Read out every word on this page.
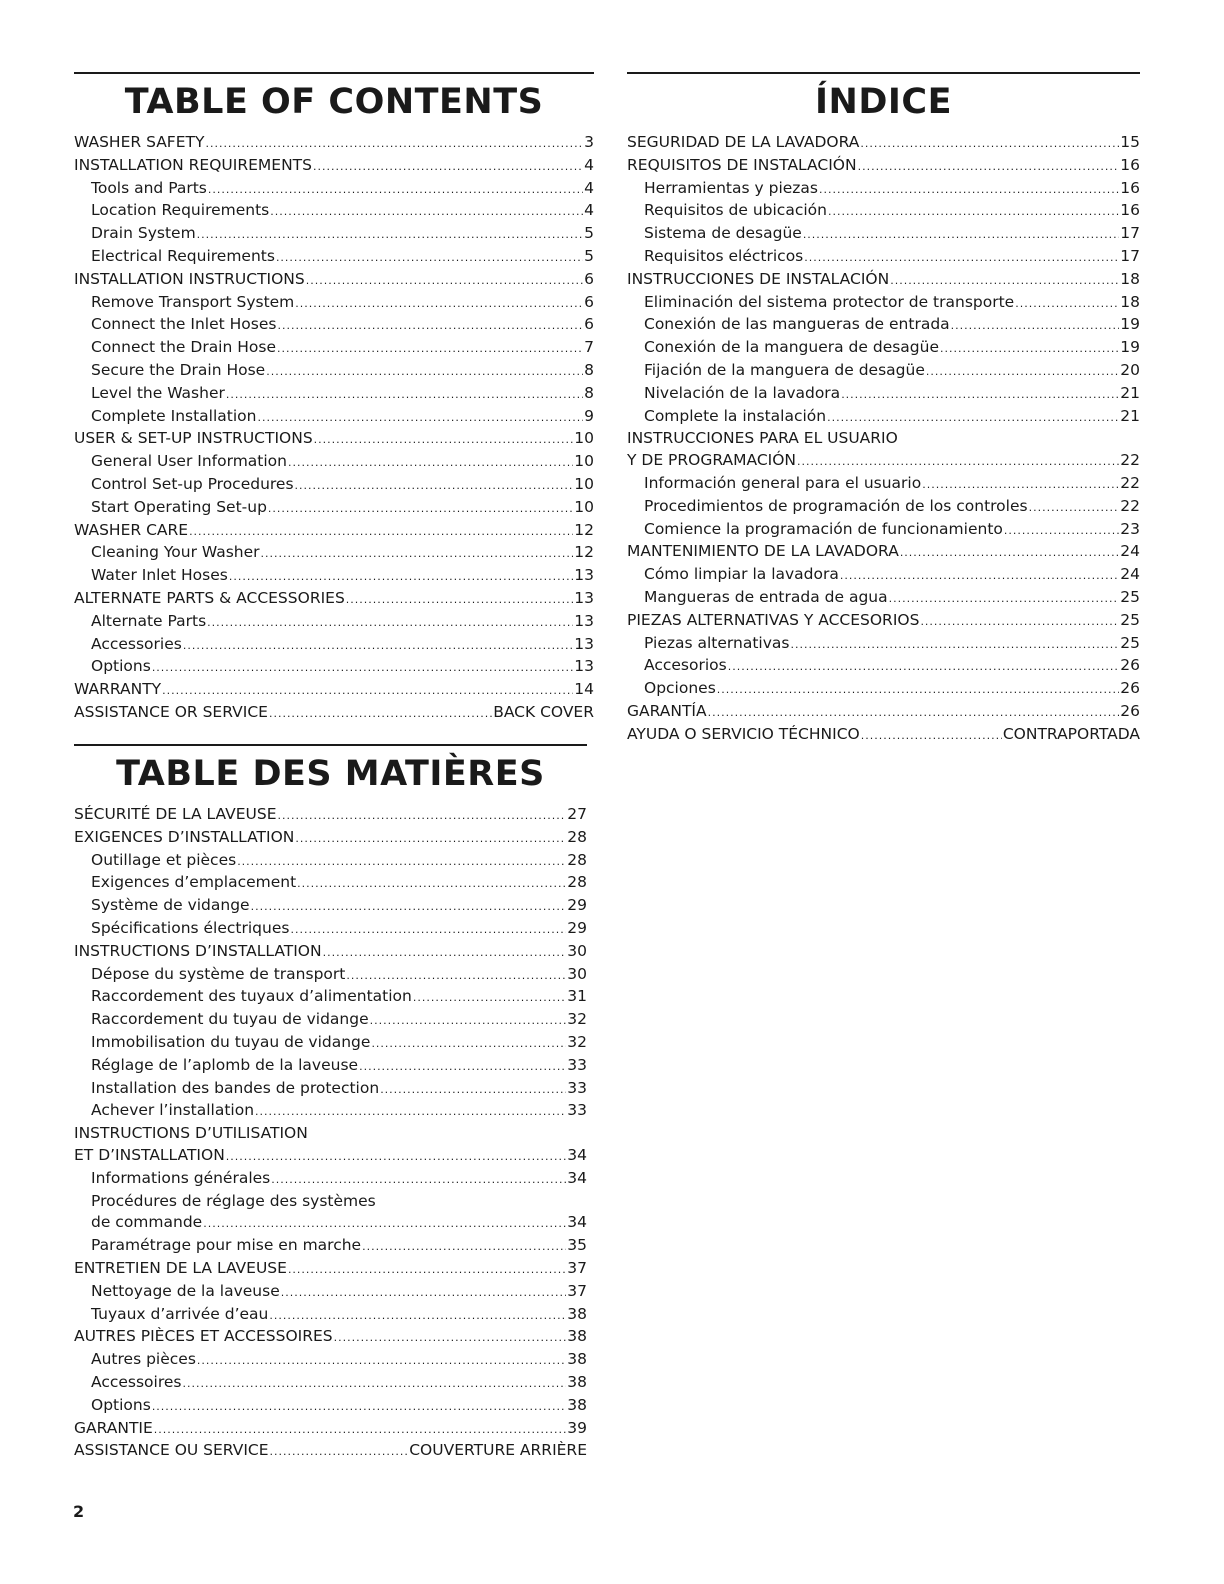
TABLE OF CONTENTS
WASHER SAFETY .....	3
INSTALLATION REQUIREMENTS .....	4
Tools and Parts .....	4
Location Requirements .....	4
Drain System .....	5
Electrical Requirements .....	5
INSTALLATION INSTRUCTIONS .....	6
Remove Transport System .....	6
Connect the Inlet Hoses .....	6
Connect the Drain Hose .....	7
Secure the Drain Hose .....	8
Level the Washer .....	8
Complete Installation .....	9
USER & SET-UP INSTRUCTIONS .....	10
General User Information .....	10
Control Set-up Procedures .....	10
Start Operating Set-up .....	10
WASHER CARE .....	12
Cleaning Your Washer .....	12
Water Inlet Hoses .....	13
ALTERNATE PARTS & ACCESSORIES .....	13
Alternate Parts .....	13
Accessories .....	13
Options .....	13
WARRANTY .....	14
ASSISTANCE OR SERVICE .....	BACK COVER
ÍNDICE
SEGURIDAD DE LA LAVADORA .....	15
REQUISITOS DE INSTALACIÓN .....	16
Herramientas y piezas .....	16
Requisitos de ubicación .....	16
Sistema de desagüe .....	17
Requisitos eléctricos .....	17
INSTRUCCIONES DE INSTALACIÓN .....	18
Eliminación del sistema protector de transporte .....	18
Conexión de las mangueras de entrada .....	19
Conexión de la manguera de desagüe .....	19
Fijación de la manguera de desagüe .....	20
Nivelación de la lavadora .....	21
Complete la instalación .....	21
INSTRUCCIONES PARA EL USUARIO
Y DE PROGRAMACIÓN .....	22
Información general para el usuario .....	22
Procedimientos de programación de los controles .....	22
Comience la programación de funcionamiento .....	23
MANTENIMIENTO DE LA LAVADORA .....	24
Cómo limpiar la lavadora .....	24
Mangueras de entrada de agua .....	25
PIEZAS ALTERNATIVAS Y ACCESORIOS .....	25
Piezas alternativas .....	25
Accesorios .....	26
Opciones .....	26
GARANTÍA .....	26
AYUDA O SERVICIO TÉCHNICO .....	CONTRAPORTADA
TABLE DES MATIÈRES
SÉCURITÉ DE LA LAVEUSE .....	27
EXIGENCES D’INSTALLATION .....	28
Outillage et pièces .....	28
Exigences d’emplacement .....	28
Système de vidange .....	29
Spécifications électriques .....	29
INSTRUCTIONS D’INSTALLATION .....	30
Dépose du système de transport .....	30
Raccordement des tuyaux d’alimentation .....	31
Raccordement du tuyau de vidange .....	32
Immobilisation du tuyau de vidange .....	32
Réglage de l’aplomb de la laveuse .....	33
Installation des bandes de protection .....	33
Achever l’installation .....	33
INSTRUCTIONS D’UTILISATION
ET D’INSTALLATION .....	34
Informations générales .....	34
Procédures de réglage des systèmes
de commande .....	34
Paramétrage pour mise en marche .....	35
ENTRETIEN DE LA LAVEUSE .....	37
Nettoyage de la laveuse .....	37
Tuyaux d’arrivée d’eau .....	38
AUTRES PIÈCES ET ACCESSOIRES .....	38
Autres pièces .....	38
Accessoires .....	38
Options .....	38
GARANTIE .....	39
ASSISTANCE OU SERVICE .....	COUVERTURE ARRIÈRE
2
